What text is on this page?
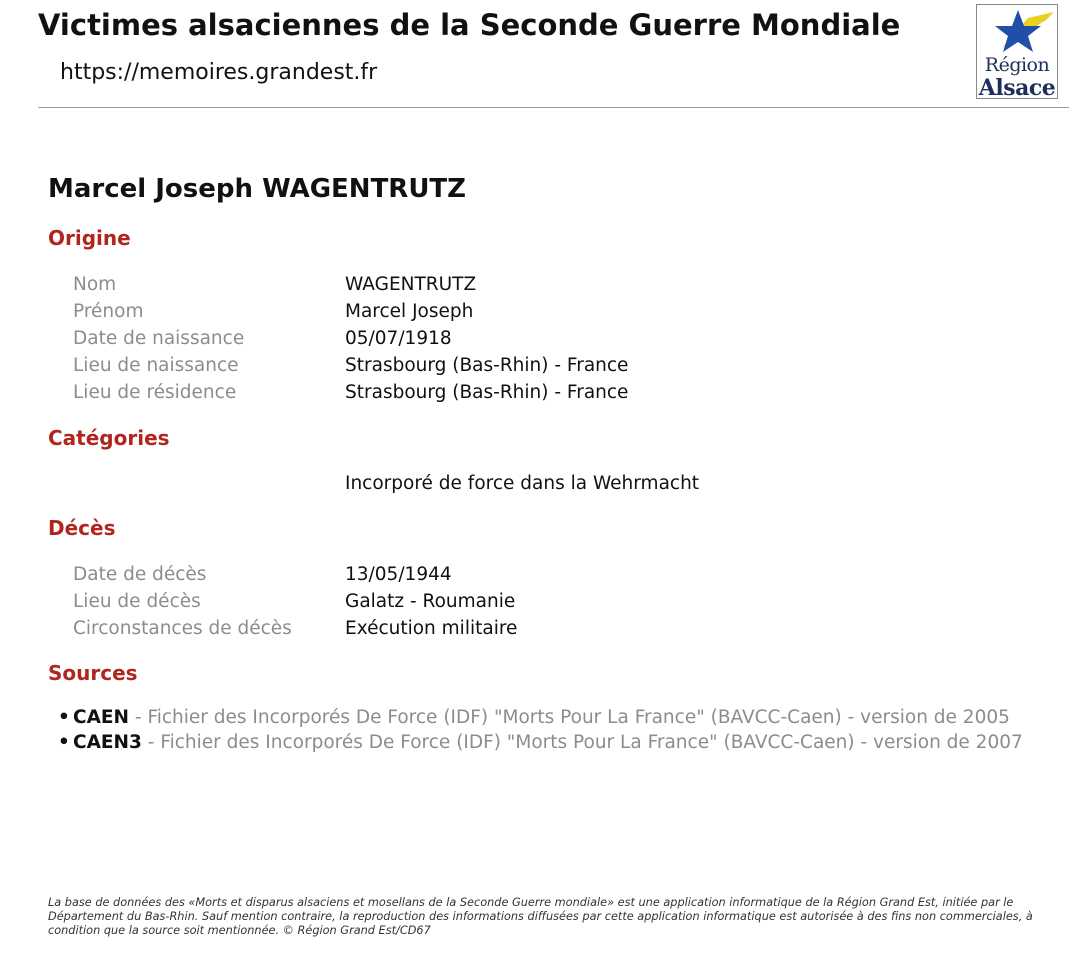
Victimes alsaciennes de la Seconde Guerre Mondiale
https://memoires.grandest.fr	Région
Alsace
Marcel Joseph WAGENTRUTZ
Origine
Nom	WAGENTRUTZ
Prénom	Marcel Joseph
Date de naissance	05/07/1918
Lieu de naissance	Strasbourg (Bas-Rhin) - France
Lieu de résidence	Strasbourg (Bas-Rhin) - France
Catégories
Incorporé de force dans la Wehrmacht
Décès
Date de décès	13/05/1944
Lieu de décès	Galatz - Roumanie
Circonstances de décès	Exécution militaire
Sources
• CAEN - Fichier des Incorporés De Force (IDF) "Morts Pour La France" (BAVCC-Caen) - version de 2005
• CAEN3 - Fichier des Incorporés De Force (IDF) "Morts Pour La France" (BAVCC-Caen) - version de 2007

La base de données des «Morts et disparus alsaciens et mosellans de la Seconde Guerre mondiale» est une application informatique de la Région Grand Est, initiée par le Département du Bas-Rhin. Sauf mention contraire, la reproduction des informations diffusées par cette application informatique est autorisée à des fins non commerciales, à condition que la source soit mentionnée. © Région Grand Est/CD67
